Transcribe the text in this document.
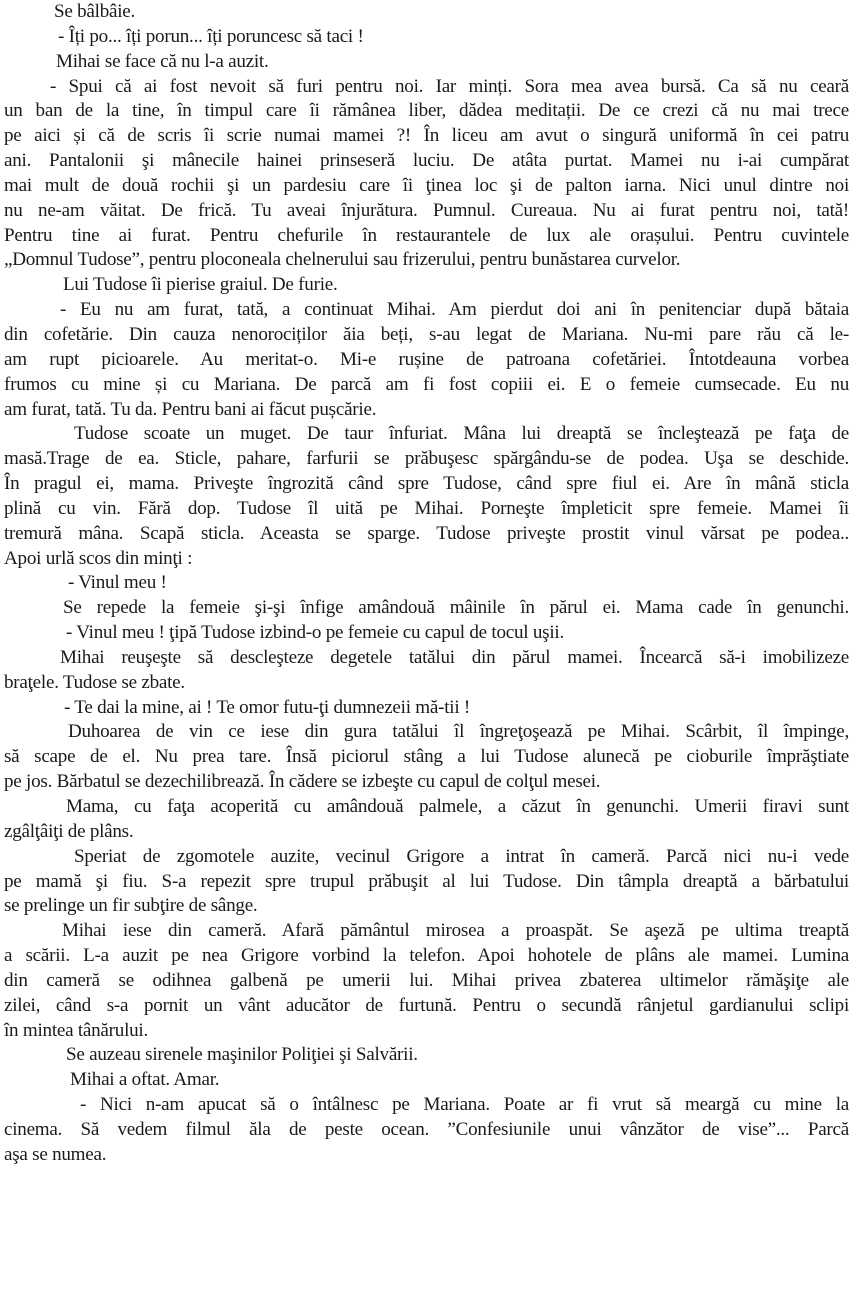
Se bâlbâie.

- Îți po... îți porun... îți poruncesc să taci !

Mihai se face că nu l-a auzit.

- Spui că ai fost nevoit să furi pentru noi. Iar minți. Sora mea avea bursă. Ca să nu ceară

un ban de la tine, în timpul care îi rămânea liber, dădea meditații. De ce crezi că nu mai trece

pe aici și că de scris îi scrie numai mamei ?! În liceu am avut o singură uniformă în cei patru

ani. Pantalonii şi mânecile hainei prinseseră luciu. De atâta purtat. Mamei nu i-ai cumpărat

mai mult de două rochii şi un pardesiu care îi ţinea loc şi de palton iarna. Nici unul dintre noi

nu ne-am văitat. De frică. Tu aveai înjurătura. Pumnul. Cureaua. Nu ai furat pentru noi, tată!

Pentru tine ai furat. Pentru chefurile în restaurantele de lux ale orașului. Pentru cuvintele

„Domnul Tudose”, pentru ploconeala chelnerului sau frizerului, pentru bunăstarea curvelor.

Lui Tudose îi pierise graiul. De furie.

- Eu nu am furat, tată, a continuat Mihai. Am pierdut doi ani în penitenciar după bătaia

din cofetărie. Din cauza nenorociților ăia beți, s-au legat de Mariana. Nu-mi pare rău că le-

am rupt picioarele. Au meritat-o. Mi-e rușine de patroana cofetăriei. Întotdeauna vorbea

frumos cu mine și cu Mariana. De parcă am fi fost copiii ei. E o femeie cumsecade. Eu nu

am furat, tată. Tu da. Pentru bani ai făcut pușcărie.

Tudose scoate un muget. De taur înfuriat. Mâna lui dreaptă se încleştează pe faţa de

masă.Trage de ea. Sticle, pahare, farfurii se prăbuşesc spărgându-se de podea. Uşa se deschide.

În pragul ei, mama. Priveşte îngrozită când spre Tudose, când spre fiul ei. Are în mână sticla

plină cu vin. Fără dop. Tudose îl uită pe Mihai. Porneşte împleticit spre femeie. Mamei îi

tremură mâna. Scapă sticla. Aceasta se sparge. Tudose priveşte prostit vinul vărsat pe podea..

Apoi urlă scos din minţi :

- Vinul meu !

Se repede la femeie şi-şi înfige amândouă mâinile în părul ei. Mama cade în genunchi.

- Vinul meu ! ţipă Tudose izbind-o pe femeie cu capul de tocul uşii.

Mihai reuşeşte să descleşteze degetele tatălui din părul mamei. Încearcă să-i imobilizeze

braţele. Tudose se zbate.

- Te dai la mine, ai ! Te omor futu-ţi dumnezeii mă-tii !

Duhoarea de vin ce iese din gura tatălui îl îngreţoşează pe Mihai. Scârbit, îl împinge,

să scape de el. Nu prea tare. Însă piciorul stâng a lui Tudose alunecă pe cioburile împrăştiate

pe jos. Bărbatul se dezechilibrează. În cădere se izbeşte cu capul de colţul mesei.

Mama, cu faţa acoperită cu amândouă palmele, a căzut în genunchi. Umerii firavi sunt

zgâlţâiţi de plâns.

Speriat de zgomotele auzite, vecinul Grigore a intrat în cameră. Parcă nici nu-i vede

pe mamă şi fiu. S-a repezit spre trupul prăbuşit al lui Tudose. Din tâmpla dreaptă a bărbatului

se prelinge un fir subţire de sânge.

Mihai iese din cameră. Afară pământul mirosea a proaspăt. Se aşeză pe ultima treaptă

a scării. L-a auzit pe nea Grigore vorbind la telefon. Apoi hohotele de plâns ale mamei. Lumina

din cameră se odihnea galbenă pe umerii lui. Mihai privea zbaterea ultimelor rămăşiţe ale

zilei, când s-a pornit un vânt aducător de furtună. Pentru o secundă rânjetul gardianului sclipi

în mintea tânărului.

Se auzeau sirenele maşinilor Poliţiei şi Salvării.

Mihai a oftat. Amar.

- Nici n-am apucat să o întâlnesc pe Mariana. Poate ar fi vrut să meargă cu mine la

cinema. Să vedem filmul ăla de peste ocean. ”Confesiunile unui vânzător de vise”... Parcă

aşa se numea.
